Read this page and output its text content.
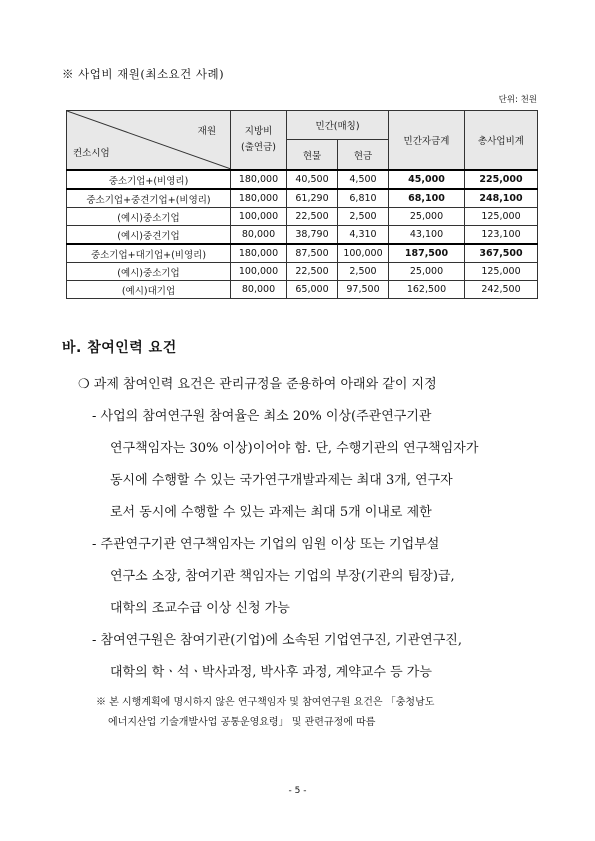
※ 사업비 재원(최소요건 사례)
단위: 천원
재원
컨소시엄	지방비
(출연금)	민간(매칭)		민간자금계	총사업비계
		현물	현금		
중소기업+(비영리)	180,000	40,500	4,500	45,000	225,000
중소기업+중견기업+(비영리)	180,000	61,290	6,810	68,100	248,100
(예시)중소기업	100,000	22,500	2,500	25,000	125,000
(예시)중견기업	80,000	38,790	4,310	43,100	123,100
중소기업+대기업+(비영리)	180,000	87,500	100,000	187,500	367,500
(예시)중소기업	100,000	22,500	2,500	25,000	125,000
(예시)대기업	80,000	65,000	97,500	162,500	242,500
바. 참여인력 요건
❍ 과제 참여인력 요건은 관리규정을 준용하여 아래와 같이 지정
- 사업의 참여연구원 참여율은 최소 20% 이상(주관연구기관
연구책임자는 30% 이상)이어야 함. 단, 수행기관의 연구책임자가
동시에 수행할 수 있는 국가연구개발과제는 최대 3개, 연구자
로서 동시에 수행할 수 있는 과제는 최대 5개 이내로 제한
- 주관연구기관 연구책임자는 기업의 임원 이상 또는 기업부설
연구소 소장, 참여기관 책임자는 기업의 부장(기관의 팀장)급,
대학의 조교수급 이상 신청 가능
- 참여연구원은 참여기관(기업)에 소속된 기업연구진, 기관연구진,
대학의 학ㆍ석ㆍ박사과정, 박사후 과정, 계약교수 등 가능
※ 본 시행계획에 명시하지 않은 연구책임자 및 참여연구원 요건은 「충청남도
에너지산업 기술개발사업 공통운영요령」 및 관련규정에 따름
- 5 -
